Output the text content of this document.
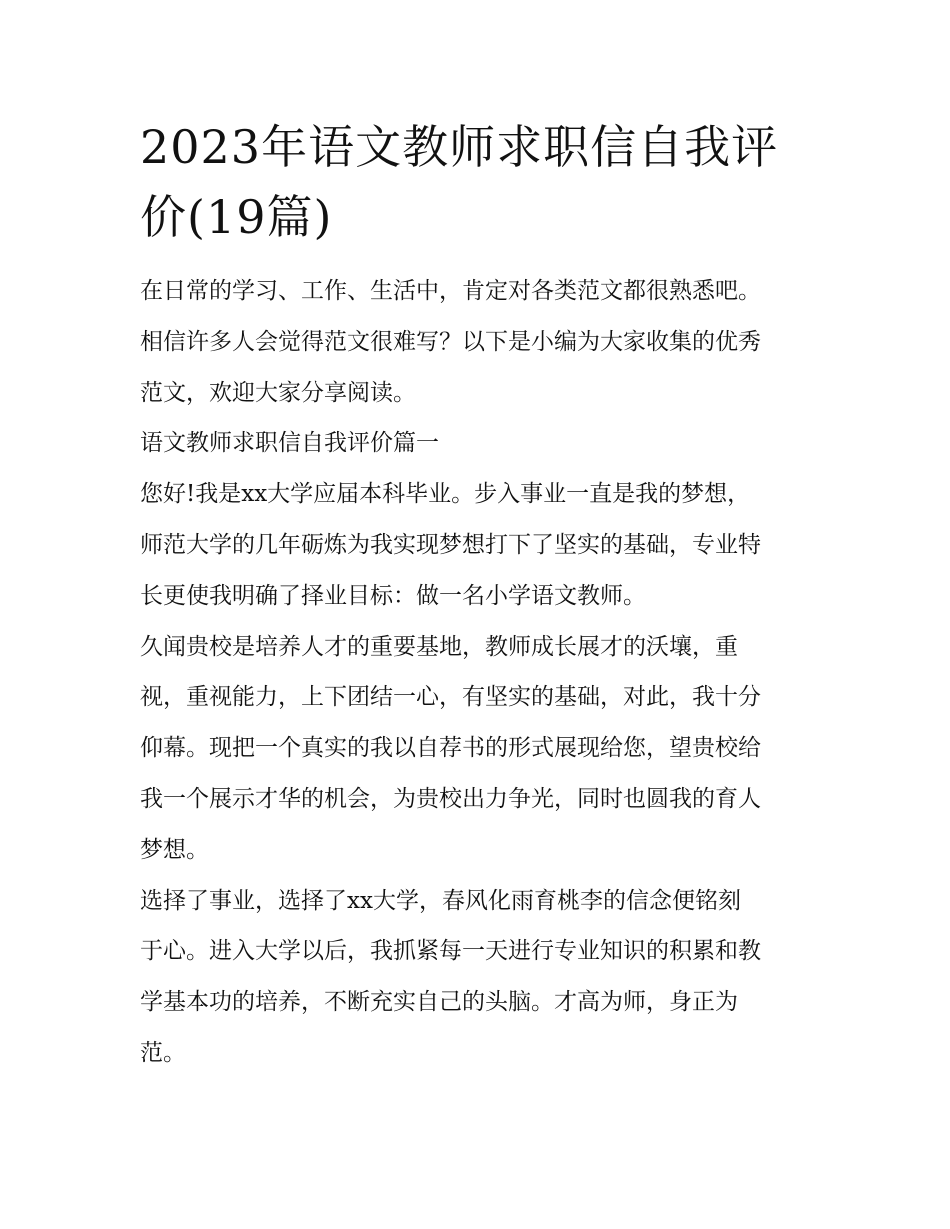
2023年语文教师求职信自我评
价(19篇)

在日常的学习、工作、生活中，肯定对各类范文都很熟悉吧。
相信许多人会觉得范文很难写？以下是小编为大家收集的优秀
范文，欢迎大家分享阅读。

语文教师求职信自我评价篇一

您好!我是xx大学应届本科毕业。步入事业一直是我的梦想，
师范大学的几年砺炼为我实现梦想打下了坚实的基础，专业特
长更使我明确了择业目标：做一名小学语文教师。

久闻贵校是培养人才的重要基地，教师成长展才的沃壤，重
视，重视能力，上下团结一心，有坚实的基础，对此，我十分
仰幕。现把一个真实的我以自荐书的形式展现给您，望贵校给
我一个展示才华的机会，为贵校出力争光，同时也圆我的育人
梦想。

选择了事业，选择了xx大学，春风化雨育桃李的信念便铭刻
于心。进入大学以后，我抓紧每一天进行专业知识的积累和教
学基本功的培养，不断充实自己的头脑。才高为师，身正为
范。
